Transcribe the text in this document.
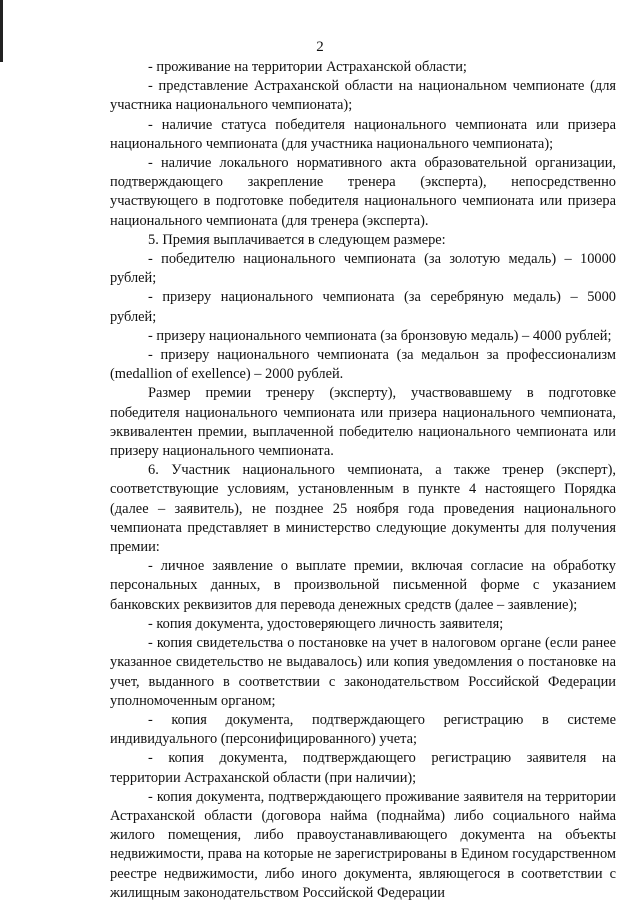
2

- проживание на территории Астраханской области;

- представление Астраханской области на национальном чемпионате (для участника национального чемпионата);

- наличие статуса победителя национального чемпионата или призера национального чемпионата (для участника национального чемпионата);

- наличие локального нормативного акта образовательной организации, подтверждающего закрепление тренера (эксперта), непосредственно участвующего в подготовке победителя национального чемпионата или призера национального чемпионата (для тренера (эксперта).

5. Премия выплачивается в следующем размере:

- победителю национального чемпионата (за золотую медаль) – 10000 рублей;

- призеру национального чемпионата (за серебряную медаль) – 5000 рублей;

- призеру национального чемпионата (за бронзовую медаль) – 4000 рублей;

- призеру национального чемпионата (за медальон за профессионализм (medallion of exellence) – 2000 рублей.

Размер премии тренеру (эксперту), участвовавшему в подготовке победителя национального чемпионата или призера национального чемпионата, эквивалентен премии, выплаченной победителю национального чемпионата или призеру национального чемпионата.

6. Участник национального чемпионата, а также тренер (эксперт), соответствующие условиям, установленным в пункте 4 настоящего Порядка (далее – заявитель), не позднее 25 ноября года проведения национального чемпионата представляет в министерство следующие документы для получения премии:

- личное заявление о выплате премии, включая согласие на обработку персональных данных, в произвольной письменной форме с указанием банковских реквизитов для перевода денежных средств (далее – заявление);

- копия документа, удостоверяющего личность заявителя;

- копия свидетельства о постановке на учет в налоговом органе (если ранее указанное свидетельство не выдавалось) или копия уведомления о постановке на учет, выданного в соответствии с законодательством Российской Федерации уполномоченным органом;

- копия документа, подтверждающего регистрацию в системе индивидуального (персонифицированного) учета;

- копия документа, подтверждающего регистрацию заявителя на территории Астраханской области (при наличии);

- копия документа, подтверждающего проживание заявителя на территории Астраханской области (договора найма (поднайма) либо социального найма жилого помещения, либо правоустанавливающего документа на объекты недвижимости, права на которые не зарегистрированы в Едином государственном реестре недвижимости, либо иного документа, являющегося в соответствии с жилищным законодательством Российской Федерации
